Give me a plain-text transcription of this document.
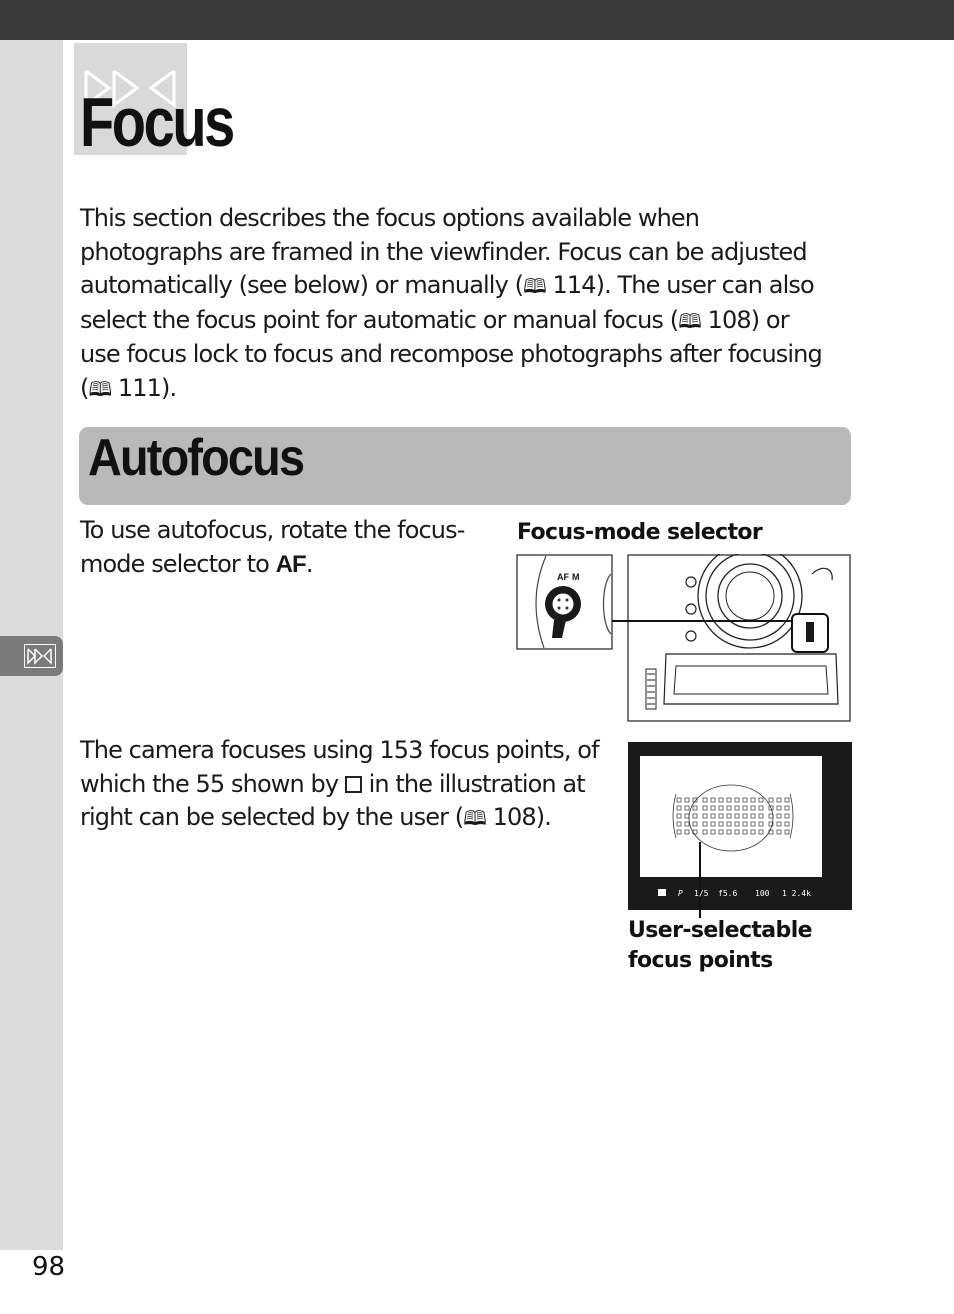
Focus
This section describes the focus options available when
photographs are framed in the viewfinder. Focus can be adjusted
automatically (see below) or manually (🕮 114). The user can also
select the focus point for automatic or manual focus (🕮 108) or
use focus lock to focus and recompose photographs after focusing
(🕮 111).
Autofocus
To use autofocus, rotate the focus-
mode selector to AF.

Focus-mode selector

AF M
The camera focuses using 153 focus points, of
which the 55 shown by  in the illustration at
right can be selected by the user (🕮 108).
P 1/5 f5.6 100 1 2.4k
User-selectable
focus points

98
